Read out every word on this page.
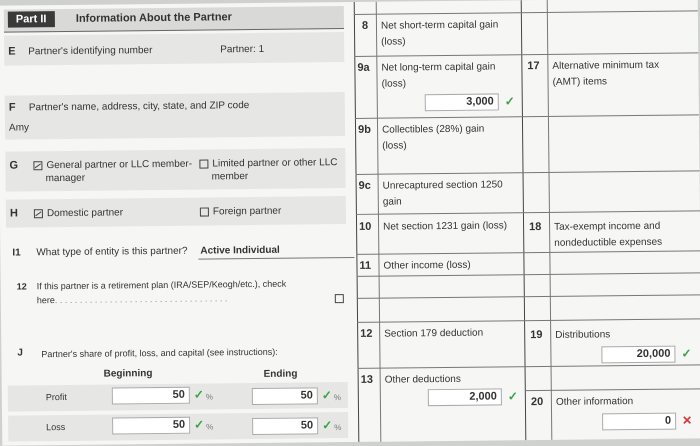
Part II	Information About the Partner
E Partner's identifying number	Partner: 1
F Partner's name, address, city, state, and ZIP code
Amy
G	General partner or LLC member-
manager
Limited partner or other LLC
member
H	Domestic partner	Foreign partner
I1 What type of entity is this partner? Active Individual
12 If this partner is a retirement plan (IRA/SEP/Keogh/etc.), check
here. . . . . . . . . . . . . . . . . . . . . . . . . . . . . . . . . . .
J Partner's share of profit, loss, and capital (see instructions):
Beginning	Ending
Profit	50 ✓ %	50 ✓ %
Loss	50 ✓ %	50 ✓ %
8 Net short-term capital gain
(loss)
9a Net long-term capital gain
(loss)
3,000 ✓
9b Collectibles (28%) gain
(loss)
9c Unrecaptured section 1250
gain
10 Net section 1231 gain (loss)
11 Other income (loss)
12 Section 179 deduction
13 Other deductions
2,000 ✓
17 Alternative minimum tax
(AMT) items
18 Tax-exempt income and
nondeductible expenses
19 Distributions
20,000 ✓
20 Other information
0 ✕
